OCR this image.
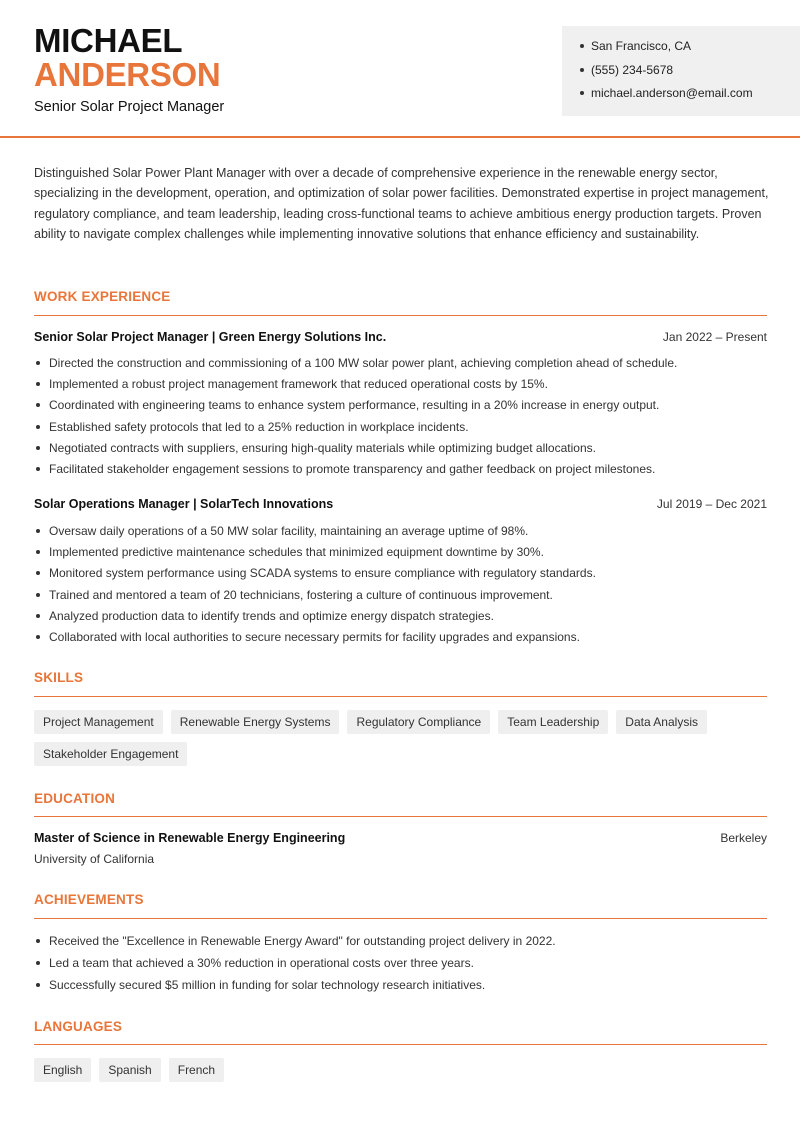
MICHAEL
ANDERSON
Senior Solar Project Manager
San Francisco, CA
(555) 234-5678
michael.anderson@email.com
Distinguished Solar Power Plant Manager with over a decade of comprehensive experience in the renewable energy sector, specializing in the development, operation, and optimization of solar power facilities. Demonstrated expertise in project management, regulatory compliance, and team leadership, leading cross-functional teams to achieve ambitious energy production targets. Proven ability to navigate complex challenges while implementing innovative solutions that enhance efficiency and sustainability.
WORK EXPERIENCE
Senior Solar Project Manager | Green Energy Solutions Inc.	Jan 2022 – Present
Directed the construction and commissioning of a 100 MW solar power plant, achieving completion ahead of schedule.
Implemented a robust project management framework that reduced operational costs by 15%.
Coordinated with engineering teams to enhance system performance, resulting in a 20% increase in energy output.
Established safety protocols that led to a 25% reduction in workplace incidents.
Negotiated contracts with suppliers, ensuring high-quality materials while optimizing budget allocations.
Facilitated stakeholder engagement sessions to promote transparency and gather feedback on project milestones.
Solar Operations Manager | SolarTech Innovations	Jul 2019 – Dec 2021
Oversaw daily operations of a 50 MW solar facility, maintaining an average uptime of 98%.
Implemented predictive maintenance schedules that minimized equipment downtime by 30%.
Monitored system performance using SCADA systems to ensure compliance with regulatory standards.
Trained and mentored a team of 20 technicians, fostering a culture of continuous improvement.
Analyzed production data to identify trends and optimize energy dispatch strategies.
Collaborated with local authorities to secure necessary permits for facility upgrades and expansions.
SKILLS
Project Management	Renewable Energy Systems	Regulatory Compliance	Team Leadership	Data Analysis
Stakeholder Engagement
EDUCATION
Master of Science in Renewable Energy Engineering	Berkeley
University of California
ACHIEVEMENTS
Received the "Excellence in Renewable Energy Award" for outstanding project delivery in 2022.
Led a team that achieved a 30% reduction in operational costs over three years.
Successfully secured $5 million in funding for solar technology research initiatives.
LANGUAGES
English	Spanish	French
